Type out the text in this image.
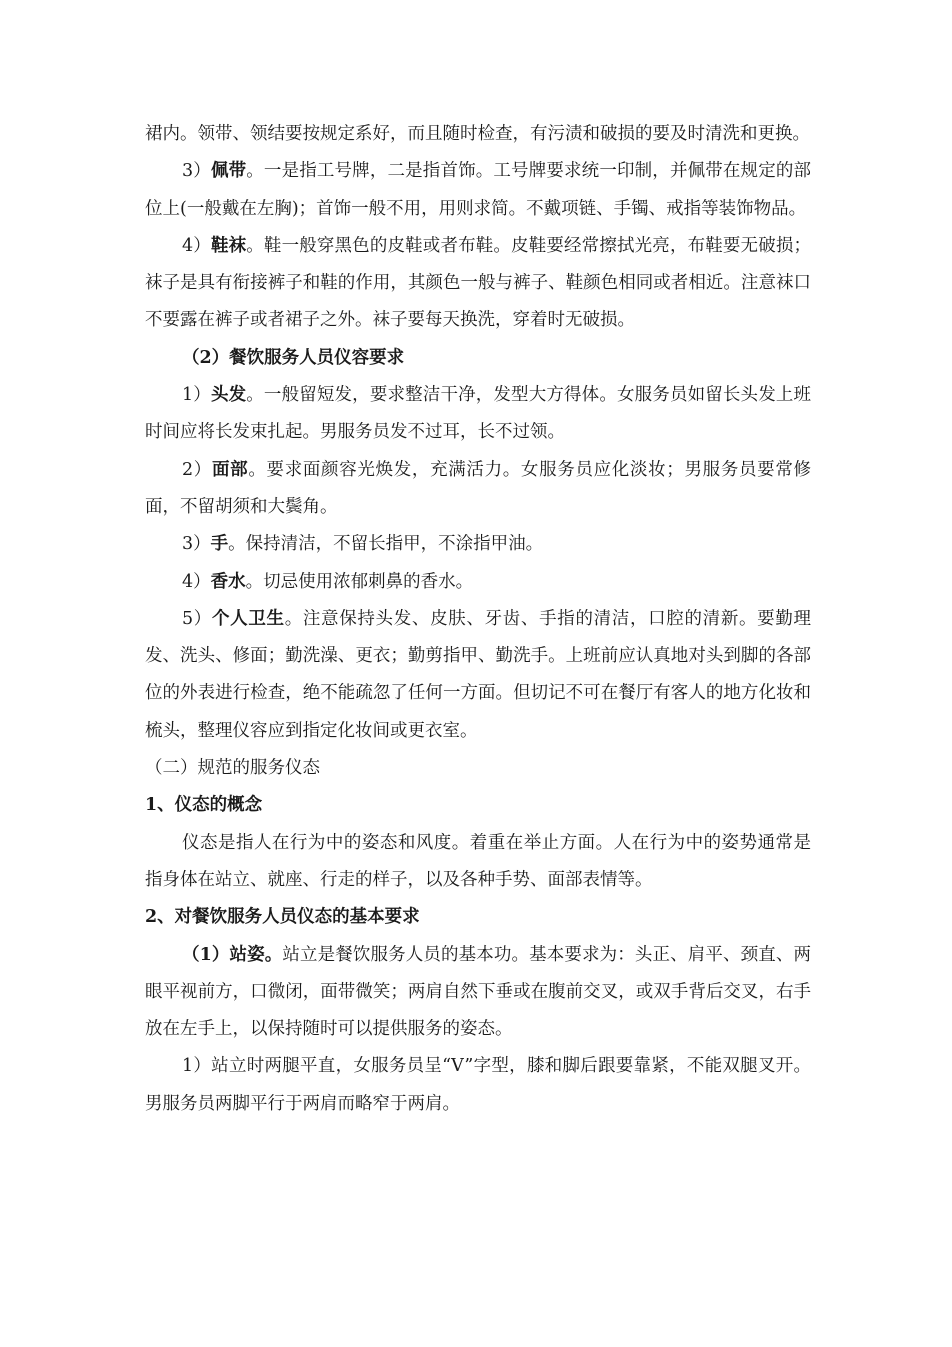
裙内。领带、领结要按规定系好，而且随时检查，有污渍和破损的要及时清洗和更换。

3）佩带。一是指工号牌，二是指首饰。工号牌要求统一印制，并佩带在规定的部位上(一般戴在左胸)；首饰一般不用，用则求简。不戴项链、手镯、戒指等装饰物品。

4）鞋袜。鞋一般穿黑色的皮鞋或者布鞋。皮鞋要经常擦拭光亮，布鞋要无破损；袜子是具有衔接裤子和鞋的作用，其颜色一般与裤子、鞋颜色相同或者相近。注意袜口不要露在裤子或者裙子之外。袜子要每天换洗，穿着时无破损。

（2）餐饮服务人员仪容要求

1）头发。一般留短发，要求整洁干净，发型大方得体。女服务员如留长头发上班时间应将长发束扎起。男服务员发不过耳，长不过领。

2）面部。要求面颜容光焕发，充满活力。女服务员应化淡妆；男服务员要常修面，不留胡须和大鬓角。

3）手。保持清洁，不留长指甲，不涂指甲油。

4）香水。切忌使用浓郁刺鼻的香水。

5）个人卫生。注意保持头发、皮肤、牙齿、手指的清洁，口腔的清新。要勤理发、洗头、修面；勤洗澡、更衣；勤剪指甲、勤洗手。上班前应认真地对头到脚的各部位的外表进行检查，绝不能疏忽了任何一方面。但切记不可在餐厅有客人的地方化妆和梳头，整理仪容应到指定化妆间或更衣室。

（二）规范的服务仪态

1、仪态的概念

仪态是指人在行为中的姿态和风度。着重在举止方面。人在行为中的姿势通常是指身体在站立、就座、行走的样子，以及各种手势、面部表情等。

2、对餐饮服务人员仪态的基本要求

（1）站姿。站立是餐饮服务人员的基本功。基本要求为：头正、肩平、颈直、两眼平视前方，口微闭，面带微笑；两肩自然下垂或在腹前交叉，或双手背后交叉，右手放在左手上，以保持随时可以提供服务的姿态。

1）站立时两腿平直，女服务员呈“V”字型，膝和脚后跟要靠紧，不能双腿叉开。男服务员两脚平行于两肩而略窄于两肩。
